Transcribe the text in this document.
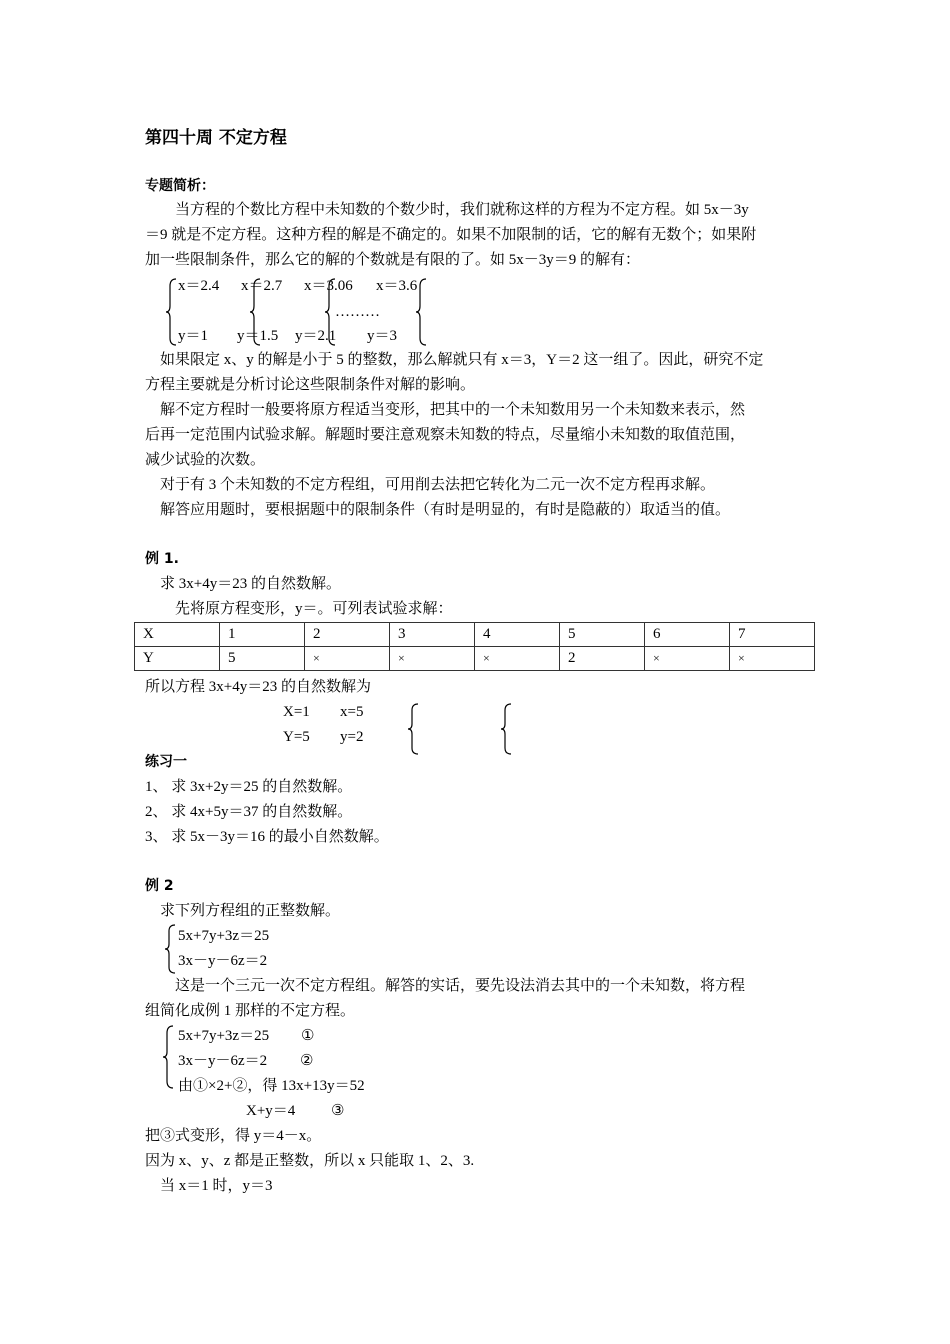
第四十周 不定方程
专题简析：
　　当方程的个数比方程中未知数的个数少时，我们就称这样的方程为不定方程。如 5x－3y
＝9 就是不定方程。这种方程的解是不确定的。如果不加限制的话，它的解有无数个；如果附
加一些限制条件，那么它的解的个数就是有限的了。如 5x－3y＝9 的解有：
x＝2.4 x＝2.7 x＝3.06 x＝3.6
………
y＝1 y＝1.5 y＝2.1 y＝3
　如果限定 x、y 的解是小于 5 的整数，那么解就只有 x＝3，Y＝2 这一组了。因此，研究不定
方程主要就是分析讨论这些限制条件对解的影响。
　解不定方程时一般要将原方程适当变形，把其中的一个未知数用另一个未知数来表示，然
后再一定范围内试验求解。解题时要注意观察未知数的特点，尽量缩小未知数的取值范围，
减少试验的次数。
　对于有 3 个未知数的不定方程组，可用削去法把它转化为二元一次不定方程再求解。
　解答应用题时，要根据题中的限制条件（有时是明显的，有时是隐蔽的）取适当的值。
例 1.
　求 3x+4y＝23 的自然数解。
　　先将原方程变形，y＝。可列表试验求解：
X	1	2	3	4	5	6	7
Y	5	×	×	×	2	×	×
所以方程 3x+4y＝23 的自然数解为
X=1 x=5
Y=5 y=2
练习一
1、 求 3x+2y＝25 的自然数解。
2、 求 4x+5y＝37 的自然数解。
3、 求 5x－3y＝16 的最小自然数解。
例 2
　求下列方程组的正整数解。
5x+7y+3z＝25
3x－y－6z＝2
　　这是一个三元一次不定方程组。解答的实话，要先设法消去其中的一个未知数，将方程
组简化成例 1 那样的不定方程。
5x+7y+3z＝25 ①
3x－y－6z＝2 ②
由①×2+②，得 13x+13y＝52
X+y＝4 ③
把③式变形，得 y＝4－x。
因为 x、y、z 都是正整数，所以 x 只能取 1、2、3.
　当 x＝1 时，y＝3
